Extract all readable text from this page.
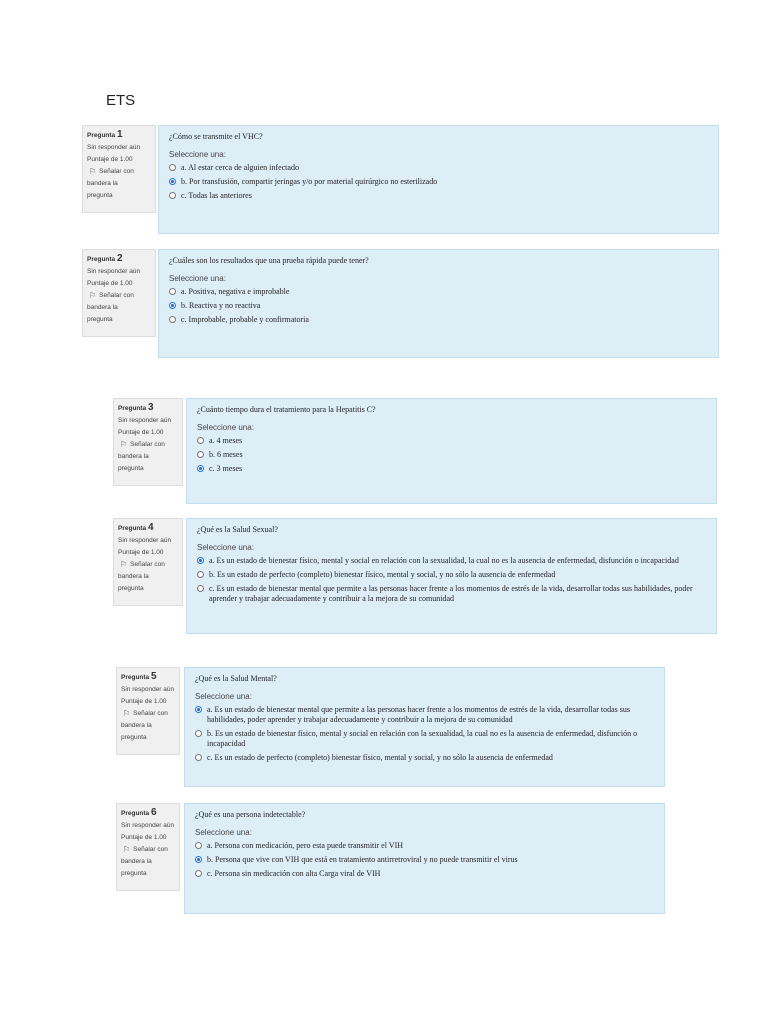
ETS
Pregunta 1
Sin responder aún
Puntaje de 1.00
⚐ Señalar con
bandera la
pregunta
¿Cómo se transmite el VHC?
Seleccione una:
a. Al estar cerca de alguien infectado
b. Por transfusión, compartir jeringas y/o por material quirúrgico no esterilizado
c. Todas las anteriores
Pregunta 2
Sin responder aún
Puntaje de 1.00
⚐ Señalar con
bandera la
pregunta
¿Cuáles son los resultados que una prueba rápida puede tener?
Seleccione una:
a. Positiva, negativa e improbable
b. Reactiva y no reactiva
c. Improbable, probable y confirmatoria
Pregunta 3
Sin responder aún
Puntaje de 1.00
⚐ Señalar con
bandera la
pregunta
¿Cuánto tiempo dura el tratamiento para la Hepatitis C?
Seleccione una:
a. 4 meses
b. 6 meses
c. 3 meses
Pregunta 4
Sin responder aún
Puntaje de 1.00
⚐ Señalar con
bandera la
pregunta
¿Qué es la Salud Sexual?
Seleccione una:
a. Es un estado de bienestar físico, mental y social en relación con la sexualidad, la cual no es la ausencia de enfermedad, disfunción o incapacidad
b. Es un estado de perfecto (completo) bienestar físico, mental y social, y no sólo la ausencia de enfermedad
c. Es un estado de bienestar mental que permite a las personas hacer frente a los momentos de estrés de la vida, desarrollar todas sus habilidades, poder aprender y trabajar adecuadamente y contribuir a la mejora de su comunidad
Pregunta 5
Sin responder aún
Puntaje de 1.00
⚐ Señalar con
bandera la
pregunta
¿Qué es la Salud Mental?
Seleccione una:
a. Es un estado de bienestar mental que permite a las personas hacer frente a los momentos de estrés de la vida, desarrollar todas sus habilidades, poder aprender y trabajar adecuadamente y contribuir a la mejora de su comunidad
b. Es un estado de bienestar físico, mental y social en relación con la sexualidad, la cual no es la ausencia de enfermedad, disfunción o incapacidad
c. Es un estado de perfecto (completo) bienestar físico, mental y social, y no sólo la ausencia de enfermedad
Pregunta 6
Sin responder aún
Puntaje de 1.00
⚐ Señalar con
bandera la
pregunta
¿Qué es una persona indetectable?
Seleccione una:
a. Persona con medicación, pero esta puede transmitir el VIH
b. Persona que vive con VIH que está en tratamiento antirretroviral y no puede transmitir el virus
c. Persona sin medicación con alta Carga viral de VIH
